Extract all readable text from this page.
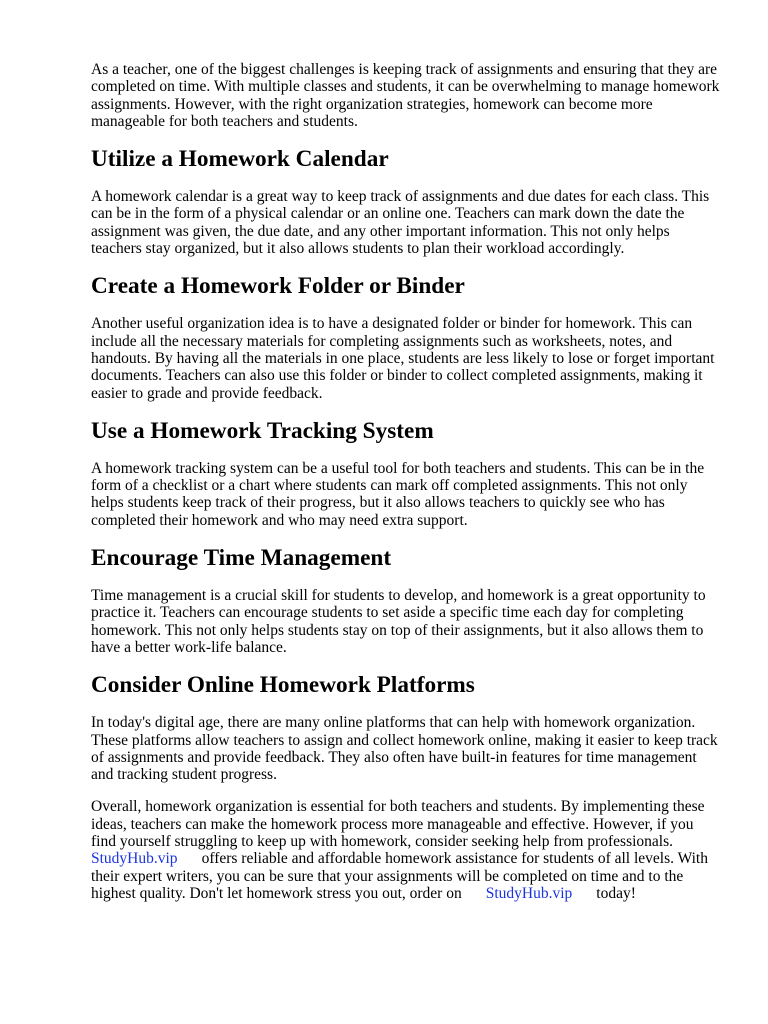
As a teacher, one of the biggest challenges is keeping track of assignments and ensuring that they are
completed on time. With multiple classes and students, it can be overwhelming to manage homework
assignments. However, with the right organization strategies, homework can become more
manageable for both teachers and students.
Utilize a Homework Calendar
A homework calendar is a great way to keep track of assignments and due dates for each class. This
can be in the form of a physical calendar or an online one. Teachers can mark down the date the
assignment was given, the due date, and any other important information. This not only helps
teachers stay organized, but it also allows students to plan their workload accordingly.
Create a Homework Folder or Binder
Another useful organization idea is to have a designated folder or binder for homework. This can
include all the necessary materials for completing assignments such as worksheets, notes, and
handouts. By having all the materials in one place, students are less likely to lose or forget important
documents. Teachers can also use this folder or binder to collect completed assignments, making it
easier to grade and provide feedback.
Use a Homework Tracking System
A homework tracking system can be a useful tool for both teachers and students. This can be in the
form of a checklist or a chart where students can mark off completed assignments. This not only
helps students keep track of their progress, but it also allows teachers to quickly see who has
completed their homework and who may need extra support.
Encourage Time Management
Time management is a crucial skill for students to develop, and homework is a great opportunity to
practice it. Teachers can encourage students to set aside a specific time each day for completing
homework. This not only helps students stay on top of their assignments, but it also allows them to
have a better work-life balance.
Consider Online Homework Platforms
In today's digital age, there are many online platforms that can help with homework organization.
These platforms allow teachers to assign and collect homework online, making it easier to keep track
of assignments and provide feedback. They also often have built-in features for time management
and tracking student progress.
Overall, homework organization is essential for both teachers and students. By implementing these
ideas, teachers can make the homework process more manageable and effective. However, if you
find yourself struggling to keep up with homework, consider seeking help from professionals.
StudyHub.vip offers reliable and affordable homework assistance for students of all levels. With
their expert writers, you can be sure that your assignments will be completed on time and to the
highest quality. Don't let homework stress you out, order on StudyHub.vip today!
